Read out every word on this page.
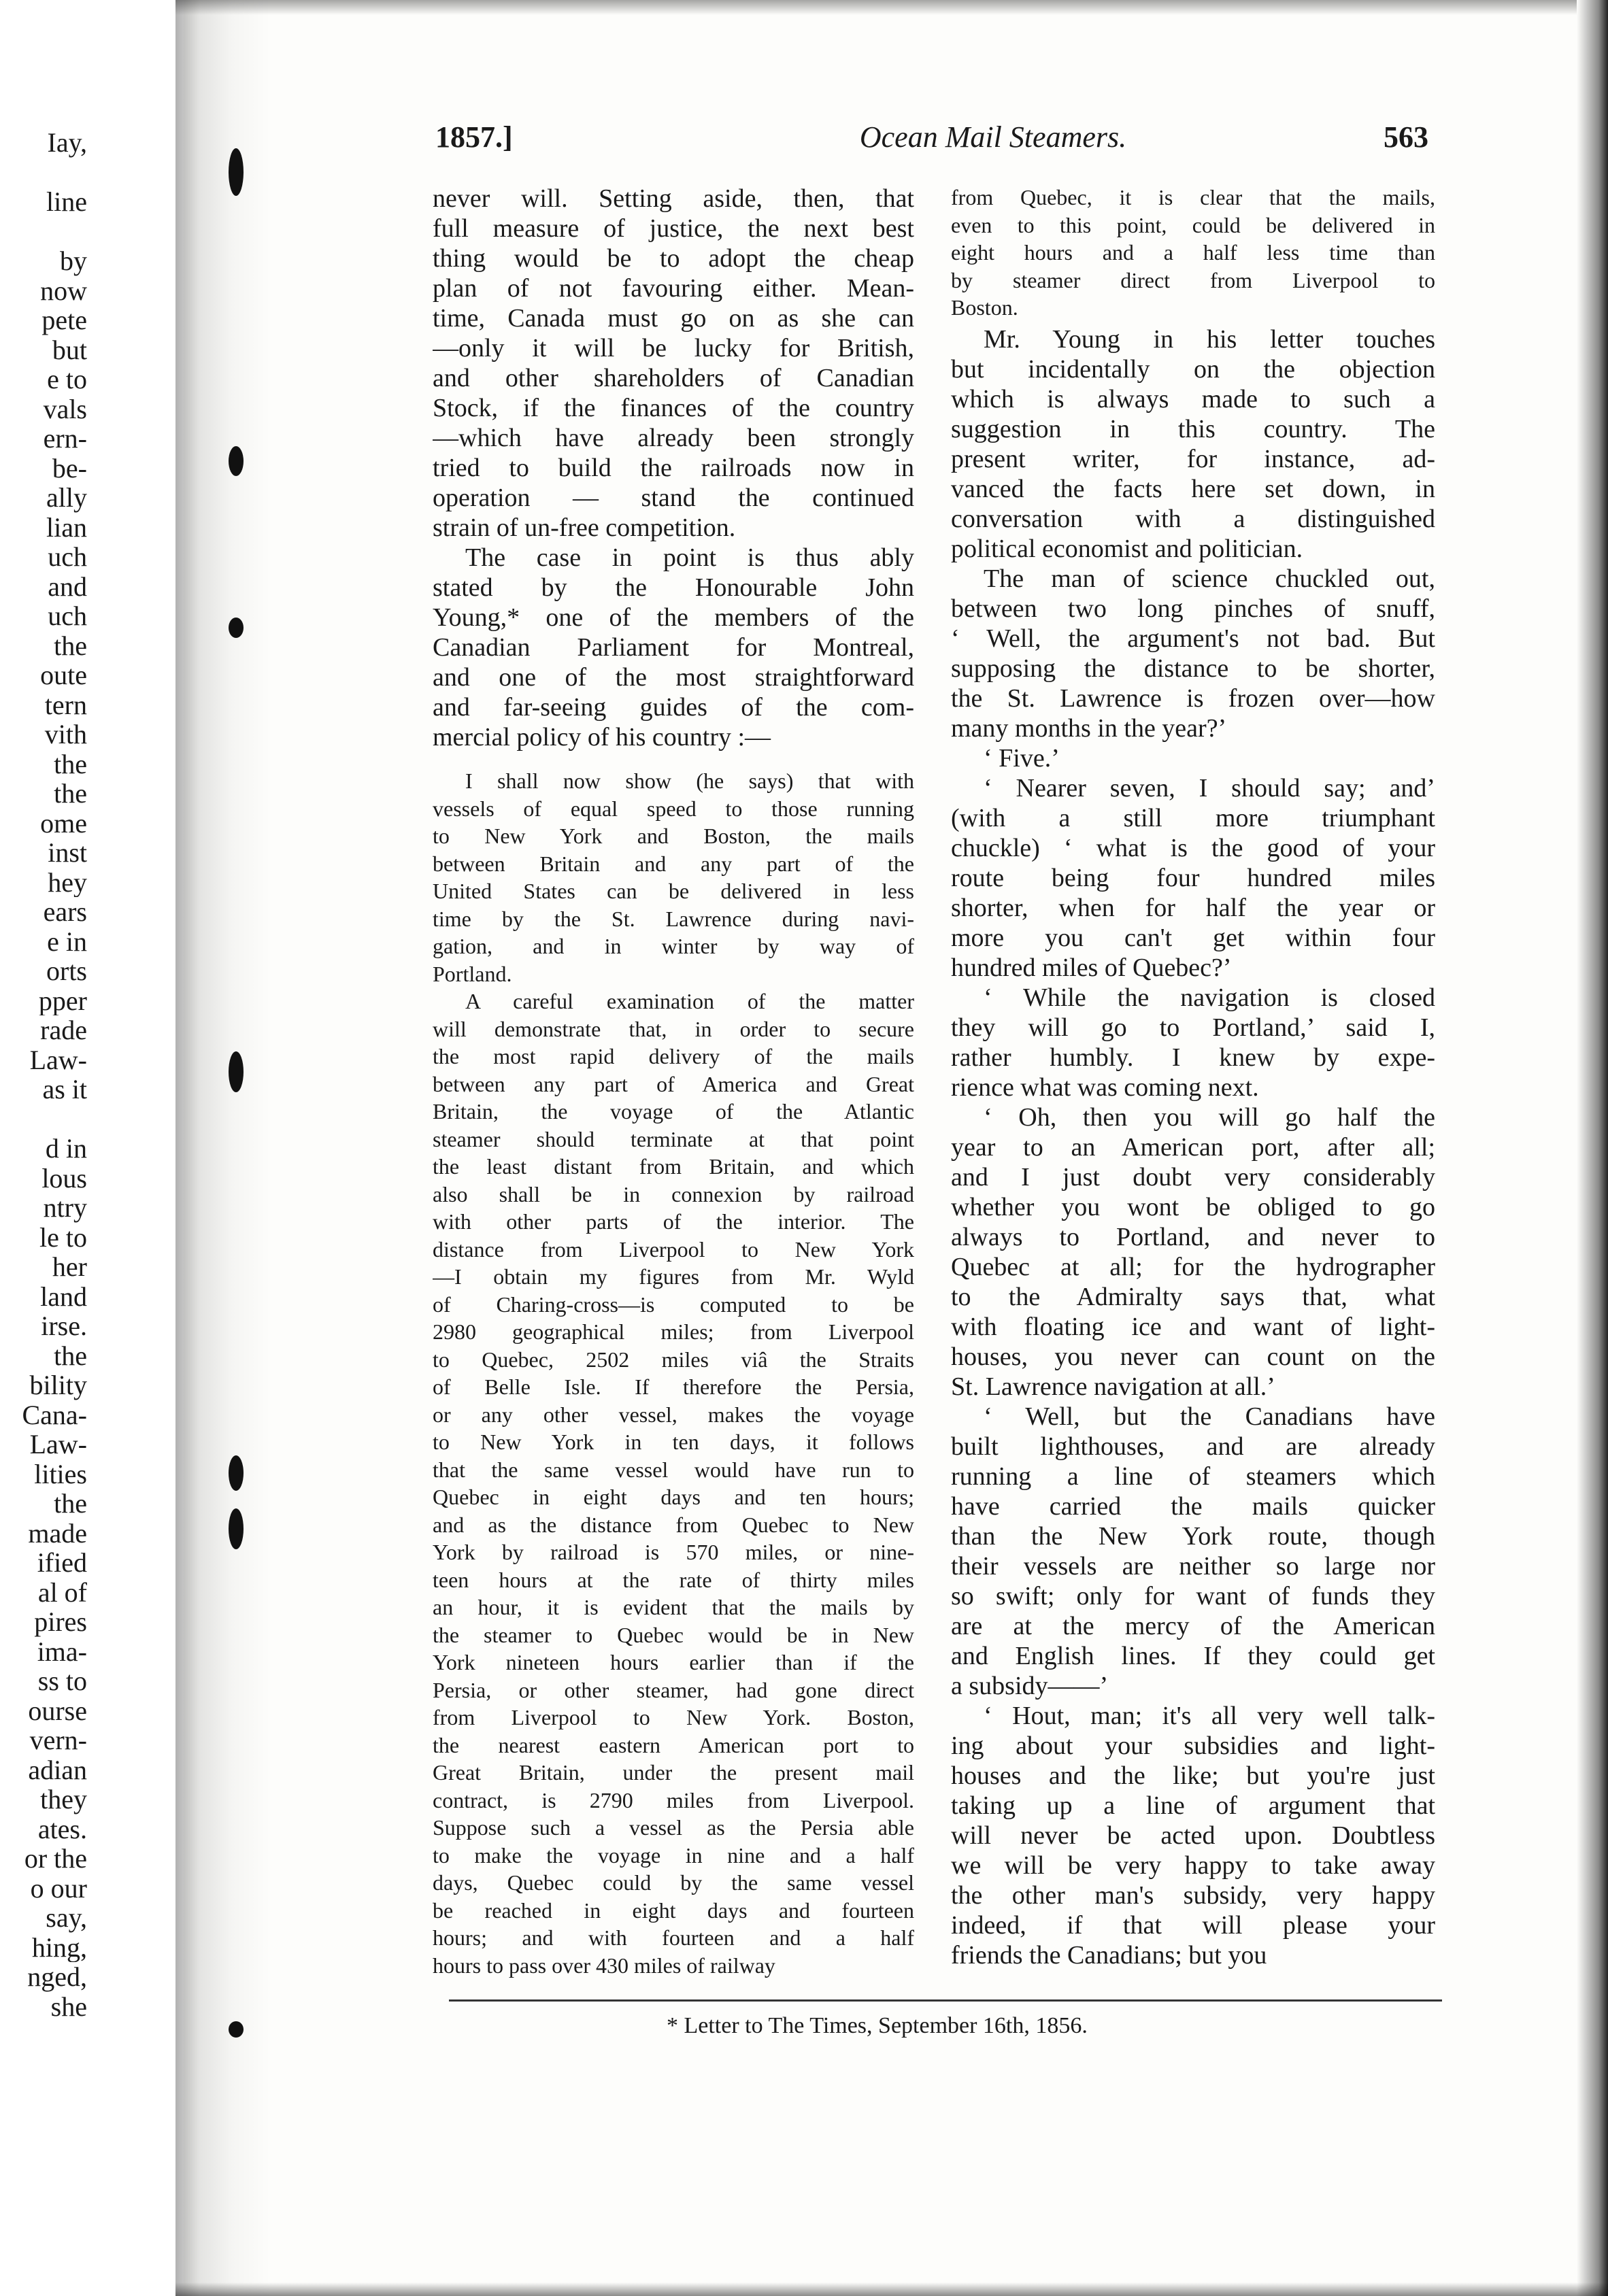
Iay,
line
by
now
pete
but
e to
vals
ern-
be-
ally
lian
uch
and
uch
the
oute
tern
vith
the
the
ome
inst
hey
ears
e in
orts
pper
rade
Law-
as it
d in
lous
ntry
le to
her
land
irse.
the
bility
Cana-
Law-
lities
the
made
ified
al of
pires
ima-
ss to
ourse
vern-
adian
they
ates.
or the
o our
say,
hing,
nged,
she
1857.]	Ocean Mail Steamers.	563
never will. Setting aside, then, that
full measure of justice, the next best
thing would be to adopt the cheap
plan of not favouring either. Mean-
time, Canada must go on as she can
—only it will be lucky for British,
and other shareholders of Canadian
Stock, if the finances of the country
—which have already been strongly
tried to build the railroads now in
operation — stand the continued
strain of un-free competition.
The case in point is thus ably
stated by the Honourable John
Young,* one of the members of the
Canadian Parliament for Montreal,
and one of the most straightforward
and far-seeing guides of the com-
mercial policy of his country :—
I shall now show (he says) that with
vessels of equal speed to those running
to New York and Boston, the mails
between Britain and any part of the
United States can be delivered in less
time by the St. Lawrence during navi-
gation, and in winter by way of
Portland.
A careful examination of the matter
will demonstrate that, in order to secure
the most rapid delivery of the mails
between any part of America and Great
Britain, the voyage of the Atlantic
steamer should terminate at that point
the least distant from Britain, and which
also shall be in connexion by railroad
with other parts of the interior. The
distance from Liverpool to New York
—I obtain my figures from Mr. Wyld
of Charing-cross—is computed to be
2980 geographical miles; from Liverpool
to Quebec, 2502 miles viâ the Straits
of Belle Isle. If therefore the Persia,
or any other vessel, makes the voyage
to New York in ten days, it follows
that the same vessel would have run to
Quebec in eight days and ten hours;
and as the distance from Quebec to New
York by railroad is 570 miles, or nine-
teen hours at the rate of thirty miles
an hour, it is evident that the mails by
the steamer to Quebec would be in New
York nineteen hours earlier than if the
Persia, or other steamer, had gone direct
from Liverpool to New York. Boston,
the nearest eastern American port to
Great Britain, under the present mail
contract, is 2790 miles from Liverpool.
Suppose such a vessel as the Persia able
to make the voyage in nine and a half
days, Quebec could by the same vessel
be reached in eight days and fourteen
hours; and with fourteen and a half
hours to pass over 430 miles of railway
from Quebec, it is clear that the mails,
even to this point, could be delivered in
eight hours and a half less time than
by steamer direct from Liverpool to
Boston.
Mr. Young in his letter touches
but incidentally on the objection
which is always made to such a
suggestion in this country. The
present writer, for instance, ad-
vanced the facts here set down, in
conversation with a distinguished
political economist and politician.
The man of science chuckled out,
between two long pinches of snuff,
‘ Well, the argument's not bad. But
supposing the distance to be shorter,
the St. Lawrence is frozen over—how
many months in the year?’
‘ Five.’
‘ Nearer seven, I should say; and’
(with a still more triumphant
chuckle) ‘ what is the good of your
route being four hundred miles
shorter, when for half the year or
more you can't get within four
hundred miles of Quebec?’
‘ While the navigation is closed
they will go to Portland,’ said I,
rather humbly. I knew by expe-
rience what was coming next.
‘ Oh, then you will go half the
year to an American port, after all;
and I just doubt very considerably
whether you wont be obliged to go
always to Portland, and never to
Quebec at all; for the hydrographer
to the Admiralty says that, what
with floating ice and want of light-
houses, you never can count on the
St. Lawrence navigation at all.’
‘ Well, but the Canadians have
built lighthouses, and are already
running a line of steamers which
have carried the mails quicker
than the New York route, though
their vessels are neither so large nor
so swift; only for want of funds they
are at the mercy of the American
and English lines. If they could get
a subsidy——’
‘ Hout, man; it's all very well talk-
ing about your subsidies and light-
houses and the like; but you're just
taking up a line of argument that
will never be acted upon. Doubtless
we will be very happy to take away
the other man's subsidy, very happy
indeed, if that will please your
friends the Canadians; but you
* Letter to The Times, September 16th, 1856.
